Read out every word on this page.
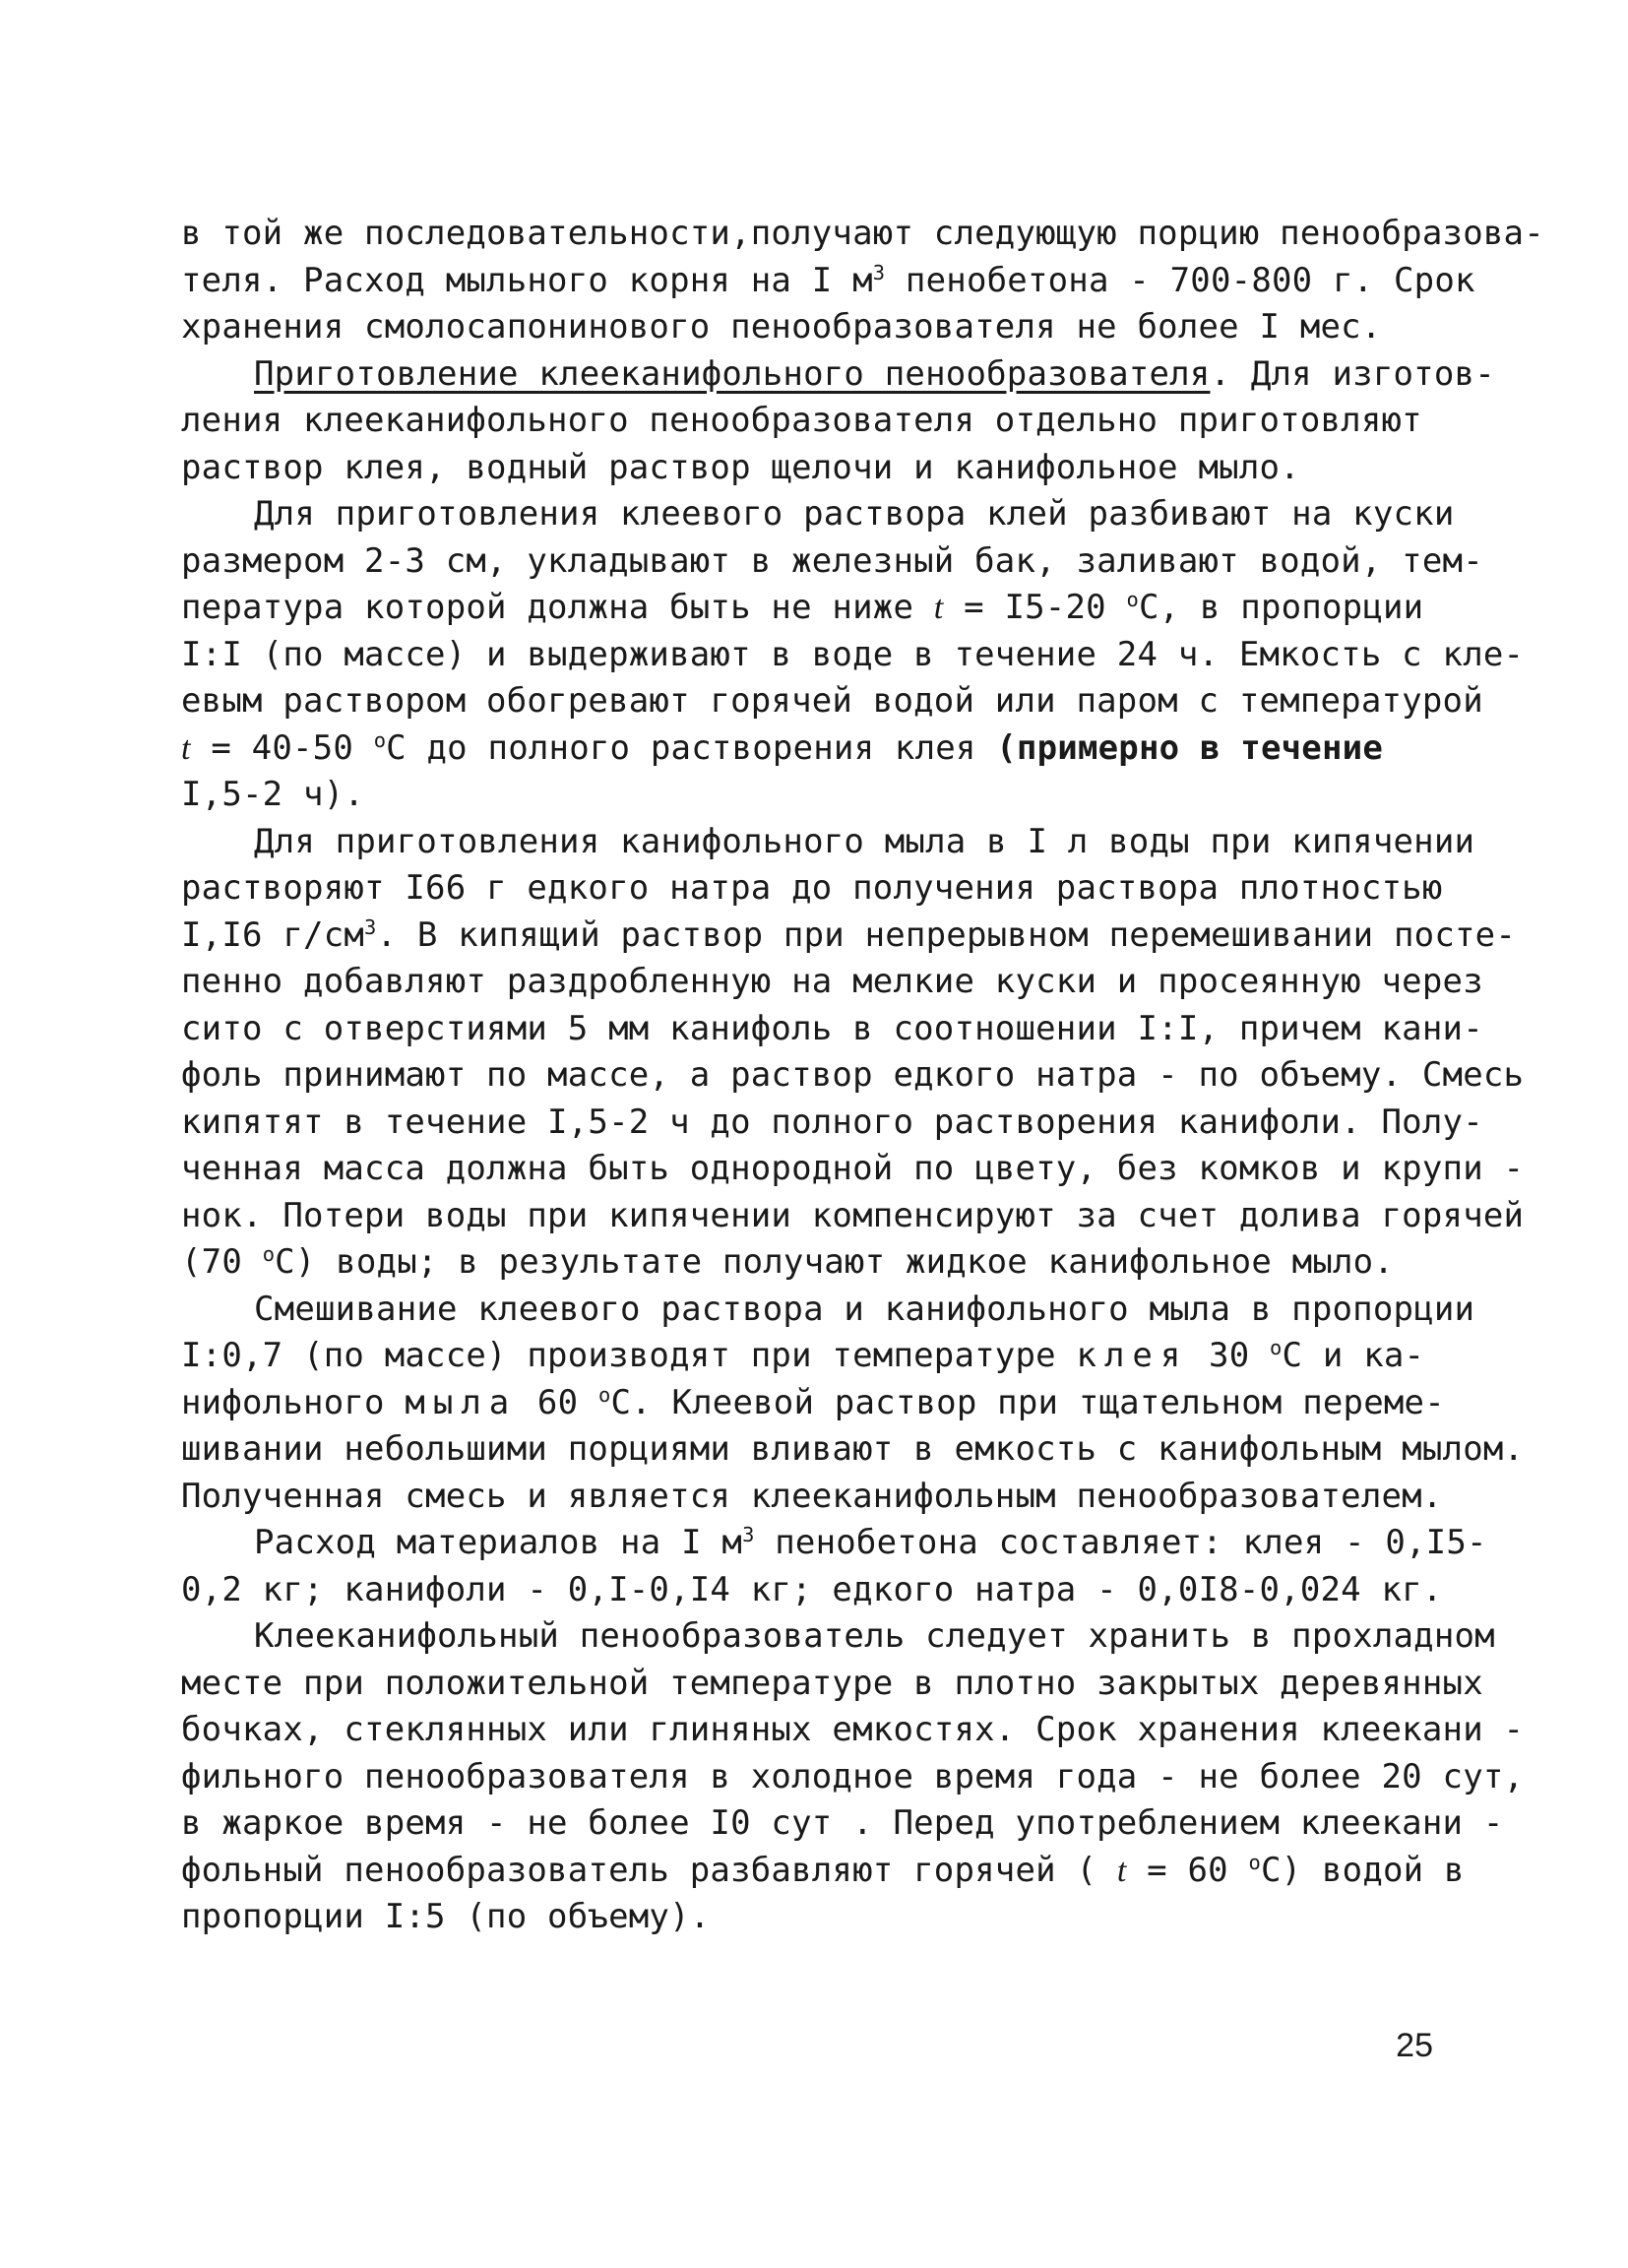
в той же последовательности,получают следующую порцию пенообразова-
теля. Расход мыльного корня на I $м^3$ пенобетона - 700-800 г. Срок
хранения смолосапонинового пенообразователя не более I мес.
Приготовление клееканифольного пенообразователя. Для изготов-
ления клееканифольного пенообразователя отдельно приготовляют
раствор клея, водный раствор щелочи и канифольное мыло.
Для приготовления клеевого раствора клей разбивают на куски
размером 2-3 см, укладывают в железный бак, заливают водой, тем-
пература которой должна быть не ниже t = I5-20 $^о$С, в пропорции
I:I (по массе) и выдерживают в воде в течение 24 ч. Емкость с кле-
евым раствором обогревают горячей водой или паром с температурой
t = 40-50 $^о$С до полного растворения клея (примерно в течение
I,5-2 ч).
Для приготовления канифольного мыла в I л воды при кипячении
растворяют I66 г едкого натра до получения раствора плотностью
I,I6 $г/см^3$. В кипящий раствор при непрерывном перемешивании посте-
пенно добавляют раздробленную на мелкие куски и просеянную через
сито с отверстиями 5 мм канифоль в соотношении I:I, причем кани-
фоль принимают по массе, а раствор едкого натра - по объему. Смесь
кипятят в течение I,5-2 ч до полного растворения канифоли. Полу-
ченная масса должна быть однородной по цвету, без комков и крупи -
нок. Потери воды при кипячении компенсируют за счет долива горячей
(70 $^о$С) воды; в результате получают жидкое канифольное мыло.
Смешивание клеевого раствора и канифольного мыла в пропорции
I:0,7 (по массе) производят при температуре клея 30 $^о$С и ка-
нифольного мыла 60 $^о$С. Клеевой раствор при тщательном переме-
шивании небольшими порциями вливают в емкость с канифольным мылом.
Полученная смесь и является клееканифольным пенообразователем.
Расход материалов на I $м^3$ пенобетона составляет: клея - 0,I5-
0,2 кг; канифоли - 0,I-0,I4 кг; едкого натра - 0,0I8-0,024 кг.
Клееканифольный пенообразователь следует хранить в прохладном
месте при положительной температуре в плотно закрытых деревянных
бочках, стеклянных или глиняных емкостях. Срок хранения клеекани -
фильного пенообразователя в холодное время года - не более 20 сут,
в жаркое время - не более I0 сут . Перед употреблением клеекани -
фольный пенообразователь разбавляют горячей ( t = 60 $^о$С) водой в
пропорции I:5 (по объему).
25
